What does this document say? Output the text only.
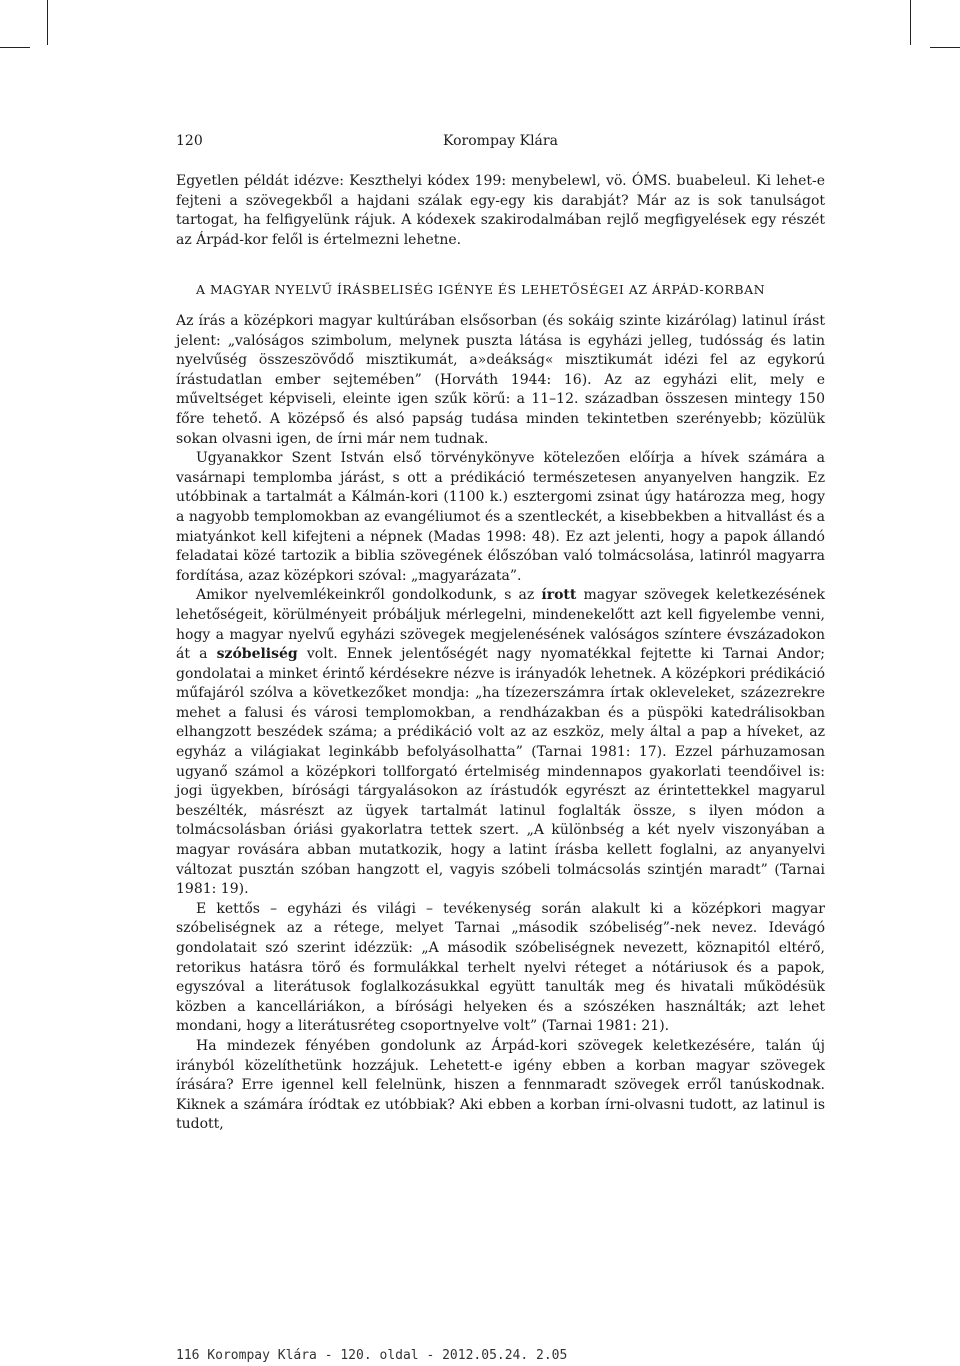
120	Korompay Klára

Egyetlen példát idézve: Keszthelyi kódex 199: menybelewl, vö. ÓMS. buabeleul. Ki lehet-e fejteni a szövegekből a hajdani szálak egy-egy kis darabját? Már az is sok tanulságot tartogat, ha felfigyelünk rájuk. A kódexek szakirodalmában rejlő megfigyelések egy részét az Árpád-kor felől is értelmezni lehetne.

A MAGYAR NYELVŰ ÍRÁSBELISÉG IGÉNYE ÉS LEHETŐSÉGEI AZ ÁRPÁD-KORBAN

Az írás a középkori magyar kultúrában elsősorban (és sokáig szinte kizárólag) latinul írást jelent: „valóságos szimbolum, melynek puszta látása is egyházi jelleg, tudósság és latin nyelvűség összeszövődő misztikumát, a»deákság« misztikumát idézi fel az egykorú írástudatlan ember sejtemében” (Horváth 1944: 16). Az az egyházi elit, mely e műveltséget képviseli, eleinte igen szűk körű: a 11–12. században összesen mintegy 150 főre tehető. A középső és alsó papság tudása minden tekintetben szerényebb; közülük sokan olvasni igen, de írni már nem tudnak.

Ugyanakkor Szent István első törvénykönyve kötelezően előírja a hívek számára a vasárnapi templomba járást, s ott a prédikáció természetesen anyanyelven hangzik. Ez utóbbinak a tartalmát a Kálmán-kori (1100 k.) esztergomi zsinat úgy határozza meg, hogy a nagyobb templomokban az evangéliumot és a szentleckét, a kisebbekben a hitvallást és a miatyánkot kell kifejteni a népnek (Madas 1998: 48). Ez azt jelenti, hogy a papok állandó feladatai közé tartozik a biblia szövegének élőszóban való tolmácsolása, latinról magyarra fordítása, azaz középkori szóval: „magyarázata”.

Amikor nyelvemlékeinkről gondolkodunk, s az írott magyar szövegek keletkezésének lehetőségeit, körülményeit próbáljuk mérlegelni, mindenekelőtt azt kell figyelembe venni, hogy a magyar nyelvű egyházi szövegek megjelenésének valóságos színtere évszázadokon át a szóbeliség volt. Ennek jelentőségét nagy nyomatékkal fejtette ki Tarnai Andor; gondolatai a minket érintő kérdésekre nézve is irányadók lehetnek. A középkori prédikáció műfajáról szólva a következőket mondja: „ha tízezerszámra írtak okleveleket, százezrekre mehet a falusi és városi templomokban, a rendházakban és a püspöki katedrálisokban elhangzott beszédek száma; a prédikáció volt az az eszköz, mely által a pap a híveket, az egyház a világiakat leginkább befolyásolhatta” (Tarnai 1981: 17). Ezzel párhuzamosan ugyanő számol a középkori tollforgató értelmiség mindennapos gyakorlati teendőivel is: jogi ügyekben, bírósági tárgyalásokon az írástudók egyrészt az érintettekkel magyarul beszélték, másrészt az ügyek tartalmát latinul foglalták össze, s ilyen módon a tolmácsolásban óriási gyakorlatra tettek szert. „A különbség a két nyelv viszonyában a magyar rovására abban mutatkozik, hogy a latint írásba kellett foglalni, az anyanyelvi változat pusztán szóban hangzott el, vagyis szóbeli tolmácsolás szintjén maradt” (Tarnai 1981: 19).

E kettős – egyházi és világi – tevékenység során alakult ki a középkori magyar szóbeliségnek az a rétege, melyet Tarnai „második szóbeliség”-nek nevez. Idevágó gondolatait szó szerint idézzük: „A második szóbeliségnek nevezett, köznapitól eltérő, retorikus hatásra törő és formulákkal terhelt nyelvi réteget a nótáriusok és a papok, egyszóval a literátusok foglalkozásukkal együtt tanulták meg és hivatali működésük közben a kancelláriákon, a bírósági helyeken és a szószéken használták; azt lehet mondani, hogy a literátusréteg csoportnyelve volt” (Tarnai 1981: 21).

Ha mindezek fényében gondolunk az Árpád-kori szövegek keletkezésére, talán új irányból közelíthetünk hozzájuk. Lehetett-e igény ebben a korban magyar szövegek írására? Erre igennel kell felelnünk, hiszen a fennmaradt szövegek erről tanúskodnak. Kiknek a számára íródtak ez utóbbiak? Aki ebben a korban írni-olvasni tudott, az latinul is tudott,

116 Korompay Klára - 120. oldal - 2012.05.24. 2.05
